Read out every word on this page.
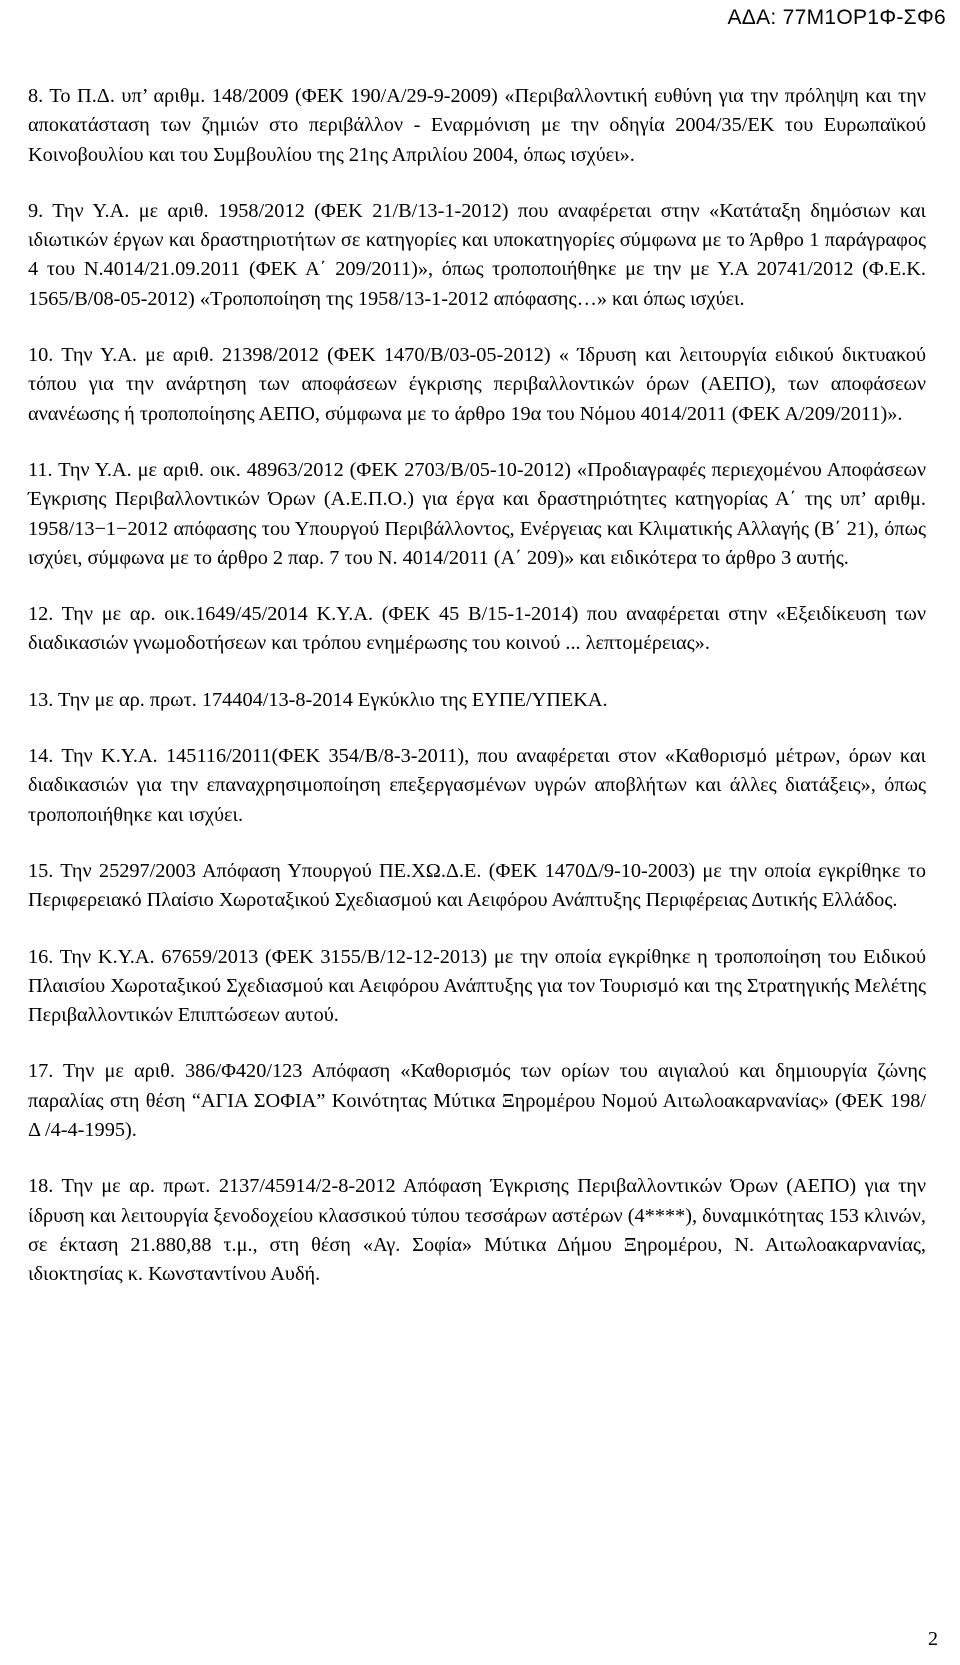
ΑΔΑ: 77Μ1ΟΡ1Φ-ΣΦ6

8. Το Π.Δ. υπ’ αριθμ. 148/2009 (ΦΕΚ 190/Α/29-9-2009) «Περιβαλλοντική ευθύνη για την πρόληψη και την αποκατάσταση των ζημιών στο περιβάλλον - Εναρμόνιση με την οδηγία 2004/35/ΕΚ του Ευρωπαϊκού Κοινοβουλίου και του Συμβουλίου της 21ης Απριλίου 2004, όπως ισχύει».

9. Την Υ.Α. με αριθ. 1958/2012 (ΦΕΚ 21/Β/13-1-2012) που αναφέρεται στην «Κατάταξη δημόσιων και ιδιωτικών έργων και δραστηριοτήτων σε κατηγορίες και υποκατηγορίες σύμφωνα με το Άρθρο 1 παράγραφος 4 του Ν.4014/21.09.2011 (ΦΕΚ Α΄ 209/2011)», όπως τροποποιήθηκε με την με Υ.Α 20741/2012 (Φ.Ε.Κ. 1565/Β/08-05-2012) «Τροποποίηση της 1958/13-1-2012 απόφασης…» και όπως ισχύει.

10. Την Υ.Α. με αριθ. 21398/2012 (ΦΕΚ 1470/Β/03-05-2012) « Ίδρυση και λειτουργία ειδικού δικτυακού τόπου για την ανάρτηση των αποφάσεων έγκρισης περιβαλλοντικών όρων (ΑΕΠΟ), των αποφάσεων ανανέωσης ή τροποποίησης ΑΕΠΟ, σύμφωνα με το άρθρο 19α του Νόμου 4014/2011 (ΦΕΚ Α/209/2011)».

11. Την Υ.Α. με αριθ. οικ. 48963/2012 (ΦΕΚ 2703/Β/05-10-2012) «Προδιαγραφές περιεχομένου Αποφάσεων Έγκρισης Περιβαλλοντικών Όρων (Α.Ε.Π.Ο.) για έργα και δραστηριότητες κατηγορίας Α΄ της υπ’ αριθμ. 1958/13−1−2012 απόφασης του Υπουργού Περιβάλλοντος, Ενέργειας και Κλιματικής Αλλαγής (Β΄ 21), όπως ισχύει, σύμφωνα με το άρθρο 2 παρ. 7 του Ν. 4014/2011 (Α΄ 209)» και ειδικότερα το άρθρο 3 αυτής.

12. Την με αρ. οικ.1649/45/2014 Κ.Υ.Α. (ΦΕΚ 45 Β/15-1-2014) που αναφέρεται στην «Εξειδίκευση των διαδικασιών γνωμοδοτήσεων και τρόπου ενημέρωσης του κοινού ... λεπτομέρειας».

13. Την με αρ. πρωτ. 174404/13-8-2014 Εγκύκλιο της ΕΥΠΕ/ΥΠΕΚΑ.

14. Την Κ.Υ.Α. 145116/2011(ΦΕΚ 354/Β/8-3-2011), που αναφέρεται στον «Καθορισμό μέτρων, όρων και διαδικασιών για την επαναχρησιμοποίηση επεξεργασμένων υγρών αποβλήτων και άλλες διατάξεις», όπως τροποποιήθηκε και ισχύει.

15. Την 25297/2003 Απόφαση Υπουργού ΠΕ.ΧΩ.Δ.Ε. (ΦΕΚ 1470Δ/9-10-2003) με την οποία εγκρίθηκε το Περιφερειακό Πλαίσιο Χωροταξικού Σχεδιασμού και Αειφόρου Ανάπτυξης Περιφέρειας Δυτικής Ελλάδος.

16. Την Κ.Υ.Α. 67659/2013 (ΦΕΚ 3155/Β/12-12-2013) με την οποία εγκρίθηκε η τροποποίηση του Ειδικού Πλαισίου Χωροταξικού Σχεδιασμού και Αειφόρου Ανάπτυξης για τον Τουρισμό και της Στρατηγικής Μελέτης Περιβαλλοντικών Επιπτώσεων αυτού.

17. Την με αριθ. 386/Φ420/123 Απόφαση «Καθορισμός των ορίων του αιγιαλού και δημιουργία ζώνης παραλίας στη θέση “ΑΓΙΑ ΣΟΦΙΑ” Κοινότητας Μύτικα Ξηρομέρου Νομού Αιτωλοακαρνανίας» (ΦΕΚ 198/ Δ /4-4-1995).

18. Την με αρ. πρωτ. 2137/45914/2-8-2012 Απόφαση Έγκρισης Περιβαλλοντικών Όρων (ΑΕΠΟ) για την ίδρυση και λειτουργία ξενοδοχείου κλασσικού τύπου τεσσάρων αστέρων (4****), δυναμικότητας 153 κλινών, σε έκταση 21.880,88 τ.μ., στη θέση «Αγ. Σοφία» Μύτικα Δήμου Ξηρομέρου, Ν. Αιτωλοακαρνανίας, ιδιοκτησίας κ. Κωνσταντίνου Αυδή.

2
